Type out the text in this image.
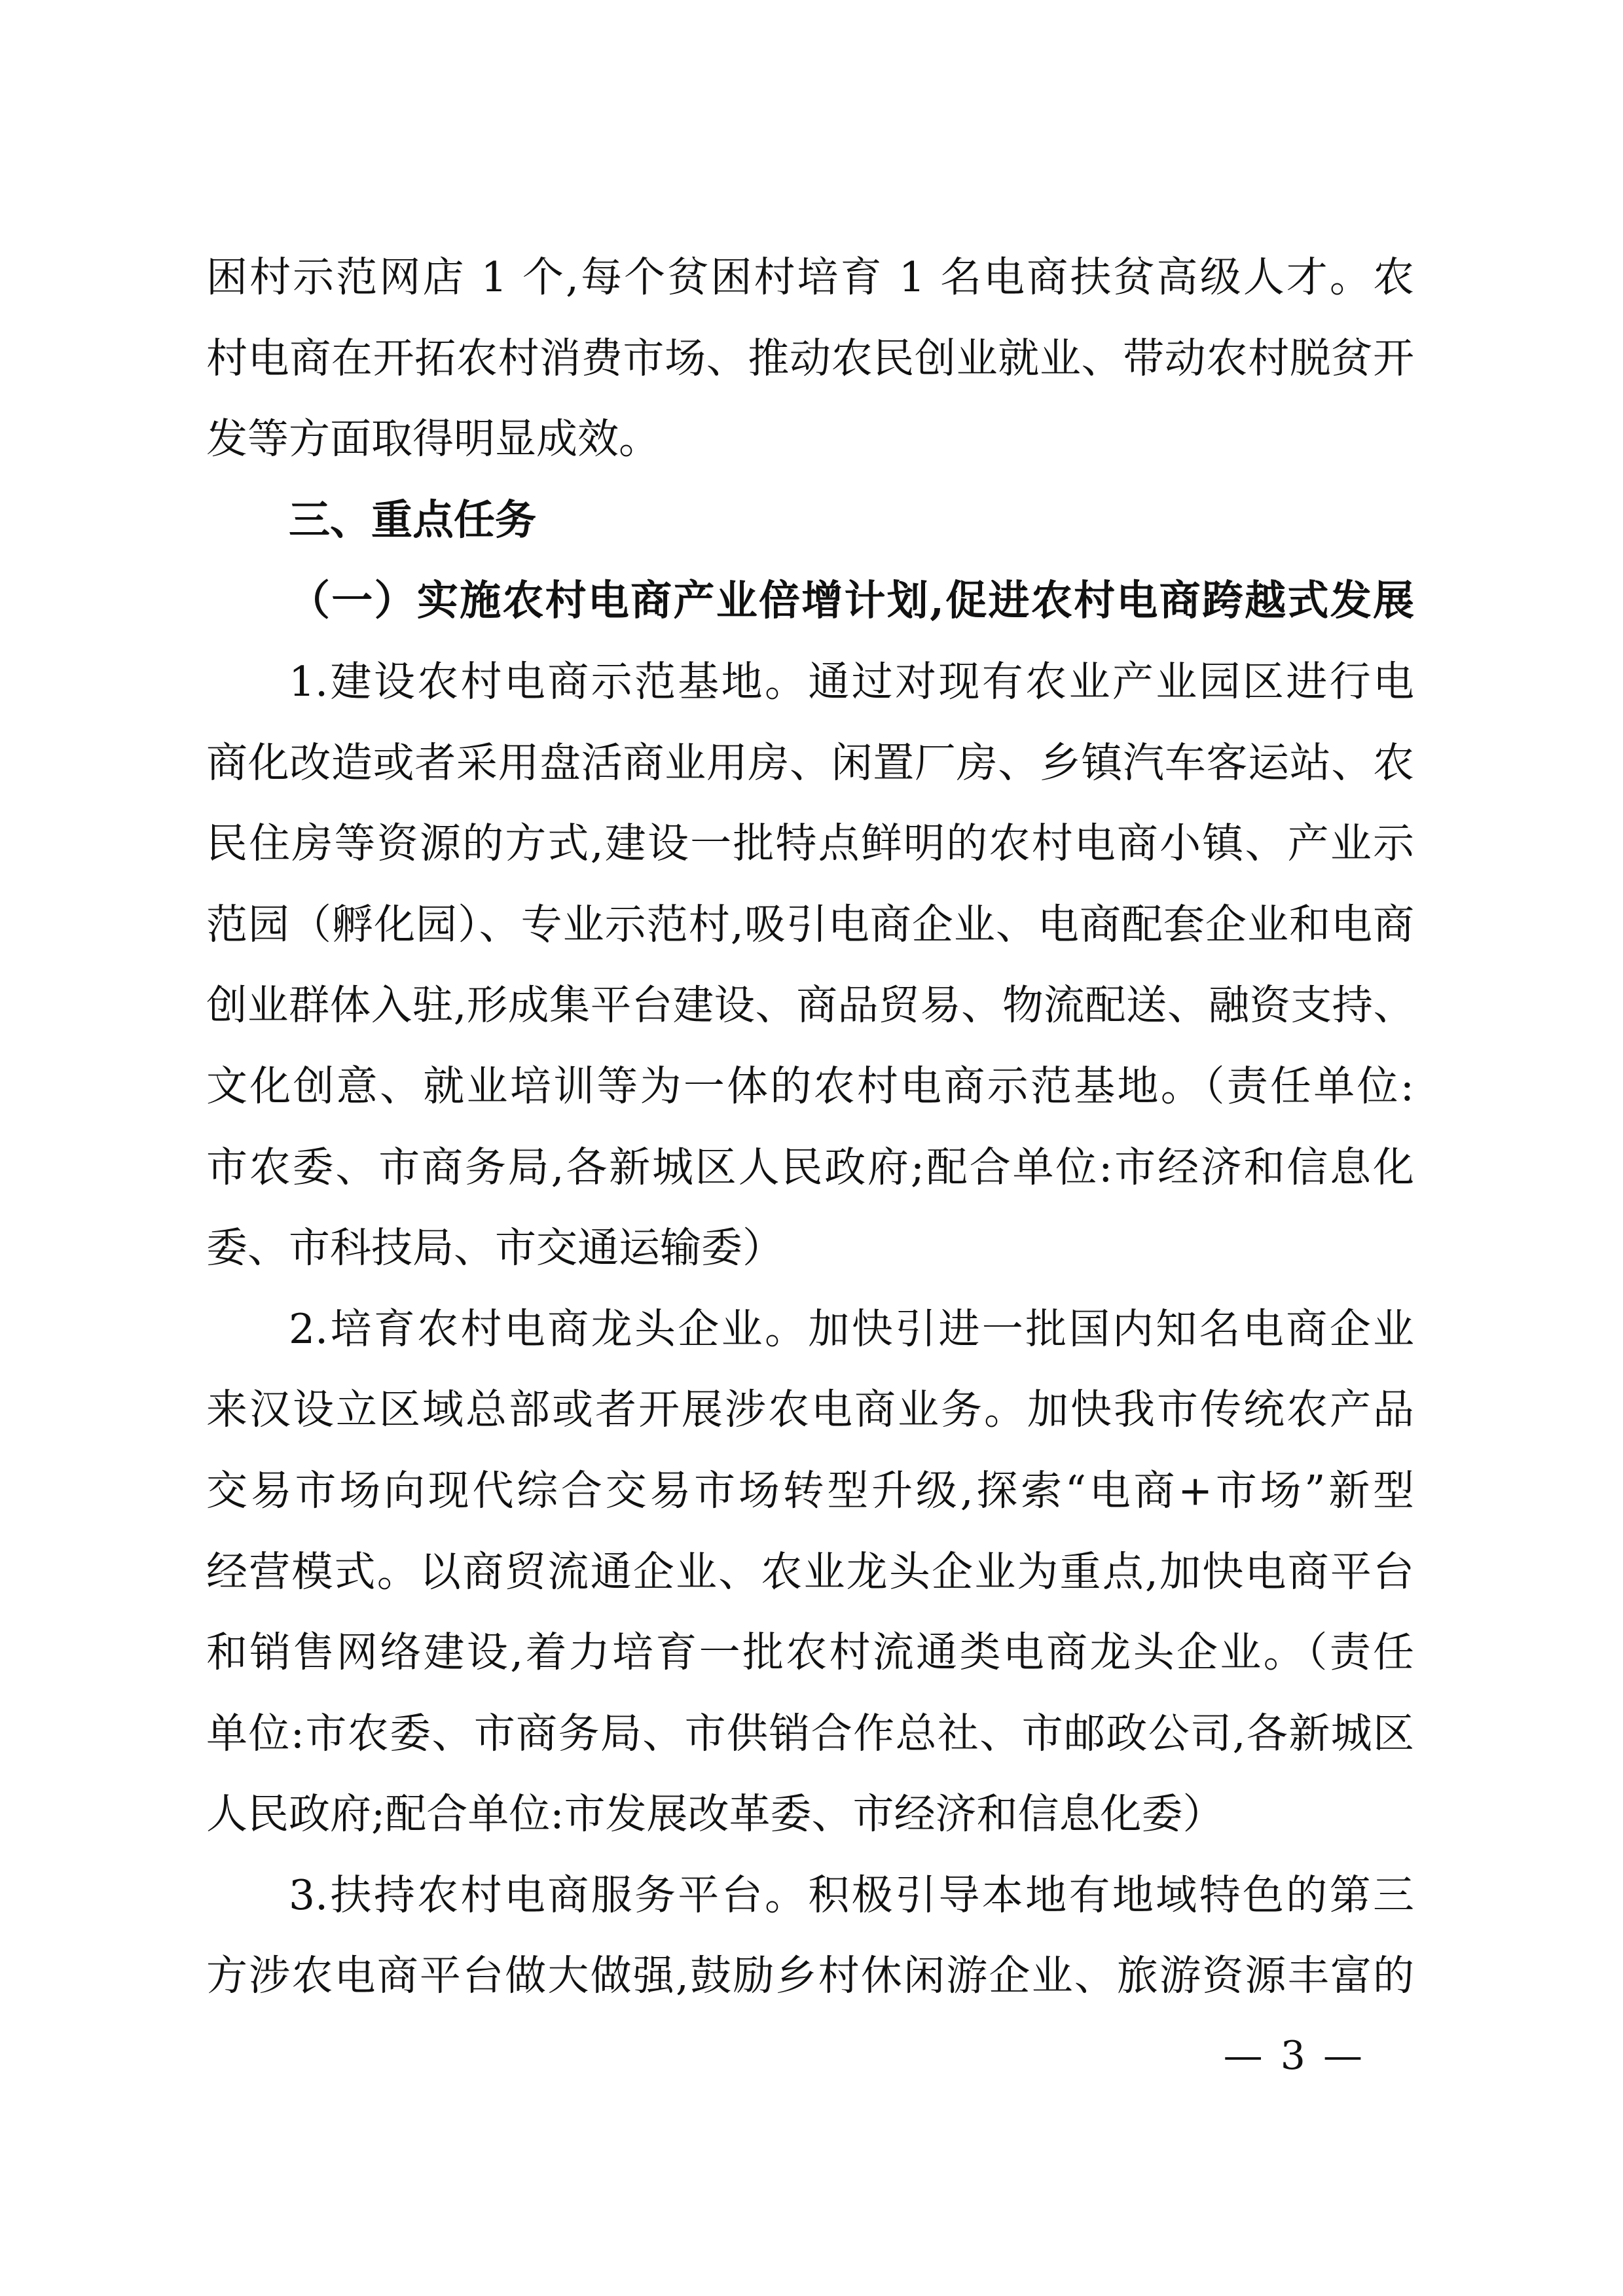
困村示范网店 1 个,每个贫困村培育 1 名电商扶贫高级人才。农
村电商在开拓农村消费市场、推动农民创业就业、带动农村脱贫开
发等方面取得明显成效。
三、重点任务
（一）实施农村电商产业倍增计划,促进农村电商跨越式发展
1.建设农村电商示范基地。通过对现有农业产业园区进行电
商化改造或者采用盘活商业用房、闲置厂房、乡镇汽车客运站、农
民住房等资源的方式,建设一批特点鲜明的农村电商小镇、产业示
范园（孵化园）、专业示范村,吸引电商企业、电商配套企业和电商
创业群体入驻,形成集平台建设、商品贸易、物流配送、融资支持、
文化创意、就业培训等为一体的农村电商示范基地。（责任单位:
市农委、市商务局,各新城区人民政府;配合单位:市经济和信息化
委、市科技局、市交通运输委）
2.培育农村电商龙头企业。加快引进一批国内知名电商企业
来汉设立区域总部或者开展涉农电商业务。加快我市传统农产品
交易市场向现代综合交易市场转型升级,探索“电商+市场”新型
经营模式。以商贸流通企业、农业龙头企业为重点,加快电商平台
和销售网络建设,着力培育一批农村流通类电商龙头企业。（责任
单位:市农委、市商务局、市供销合作总社、市邮政公司,各新城区
人民政府;配合单位:市发展改革委、市经济和信息化委）
3.扶持农村电商服务平台。积极引导本地有地域特色的第三
方涉农电商平台做大做强,鼓励乡村休闲游企业、旅游资源丰富的
— 3 —
